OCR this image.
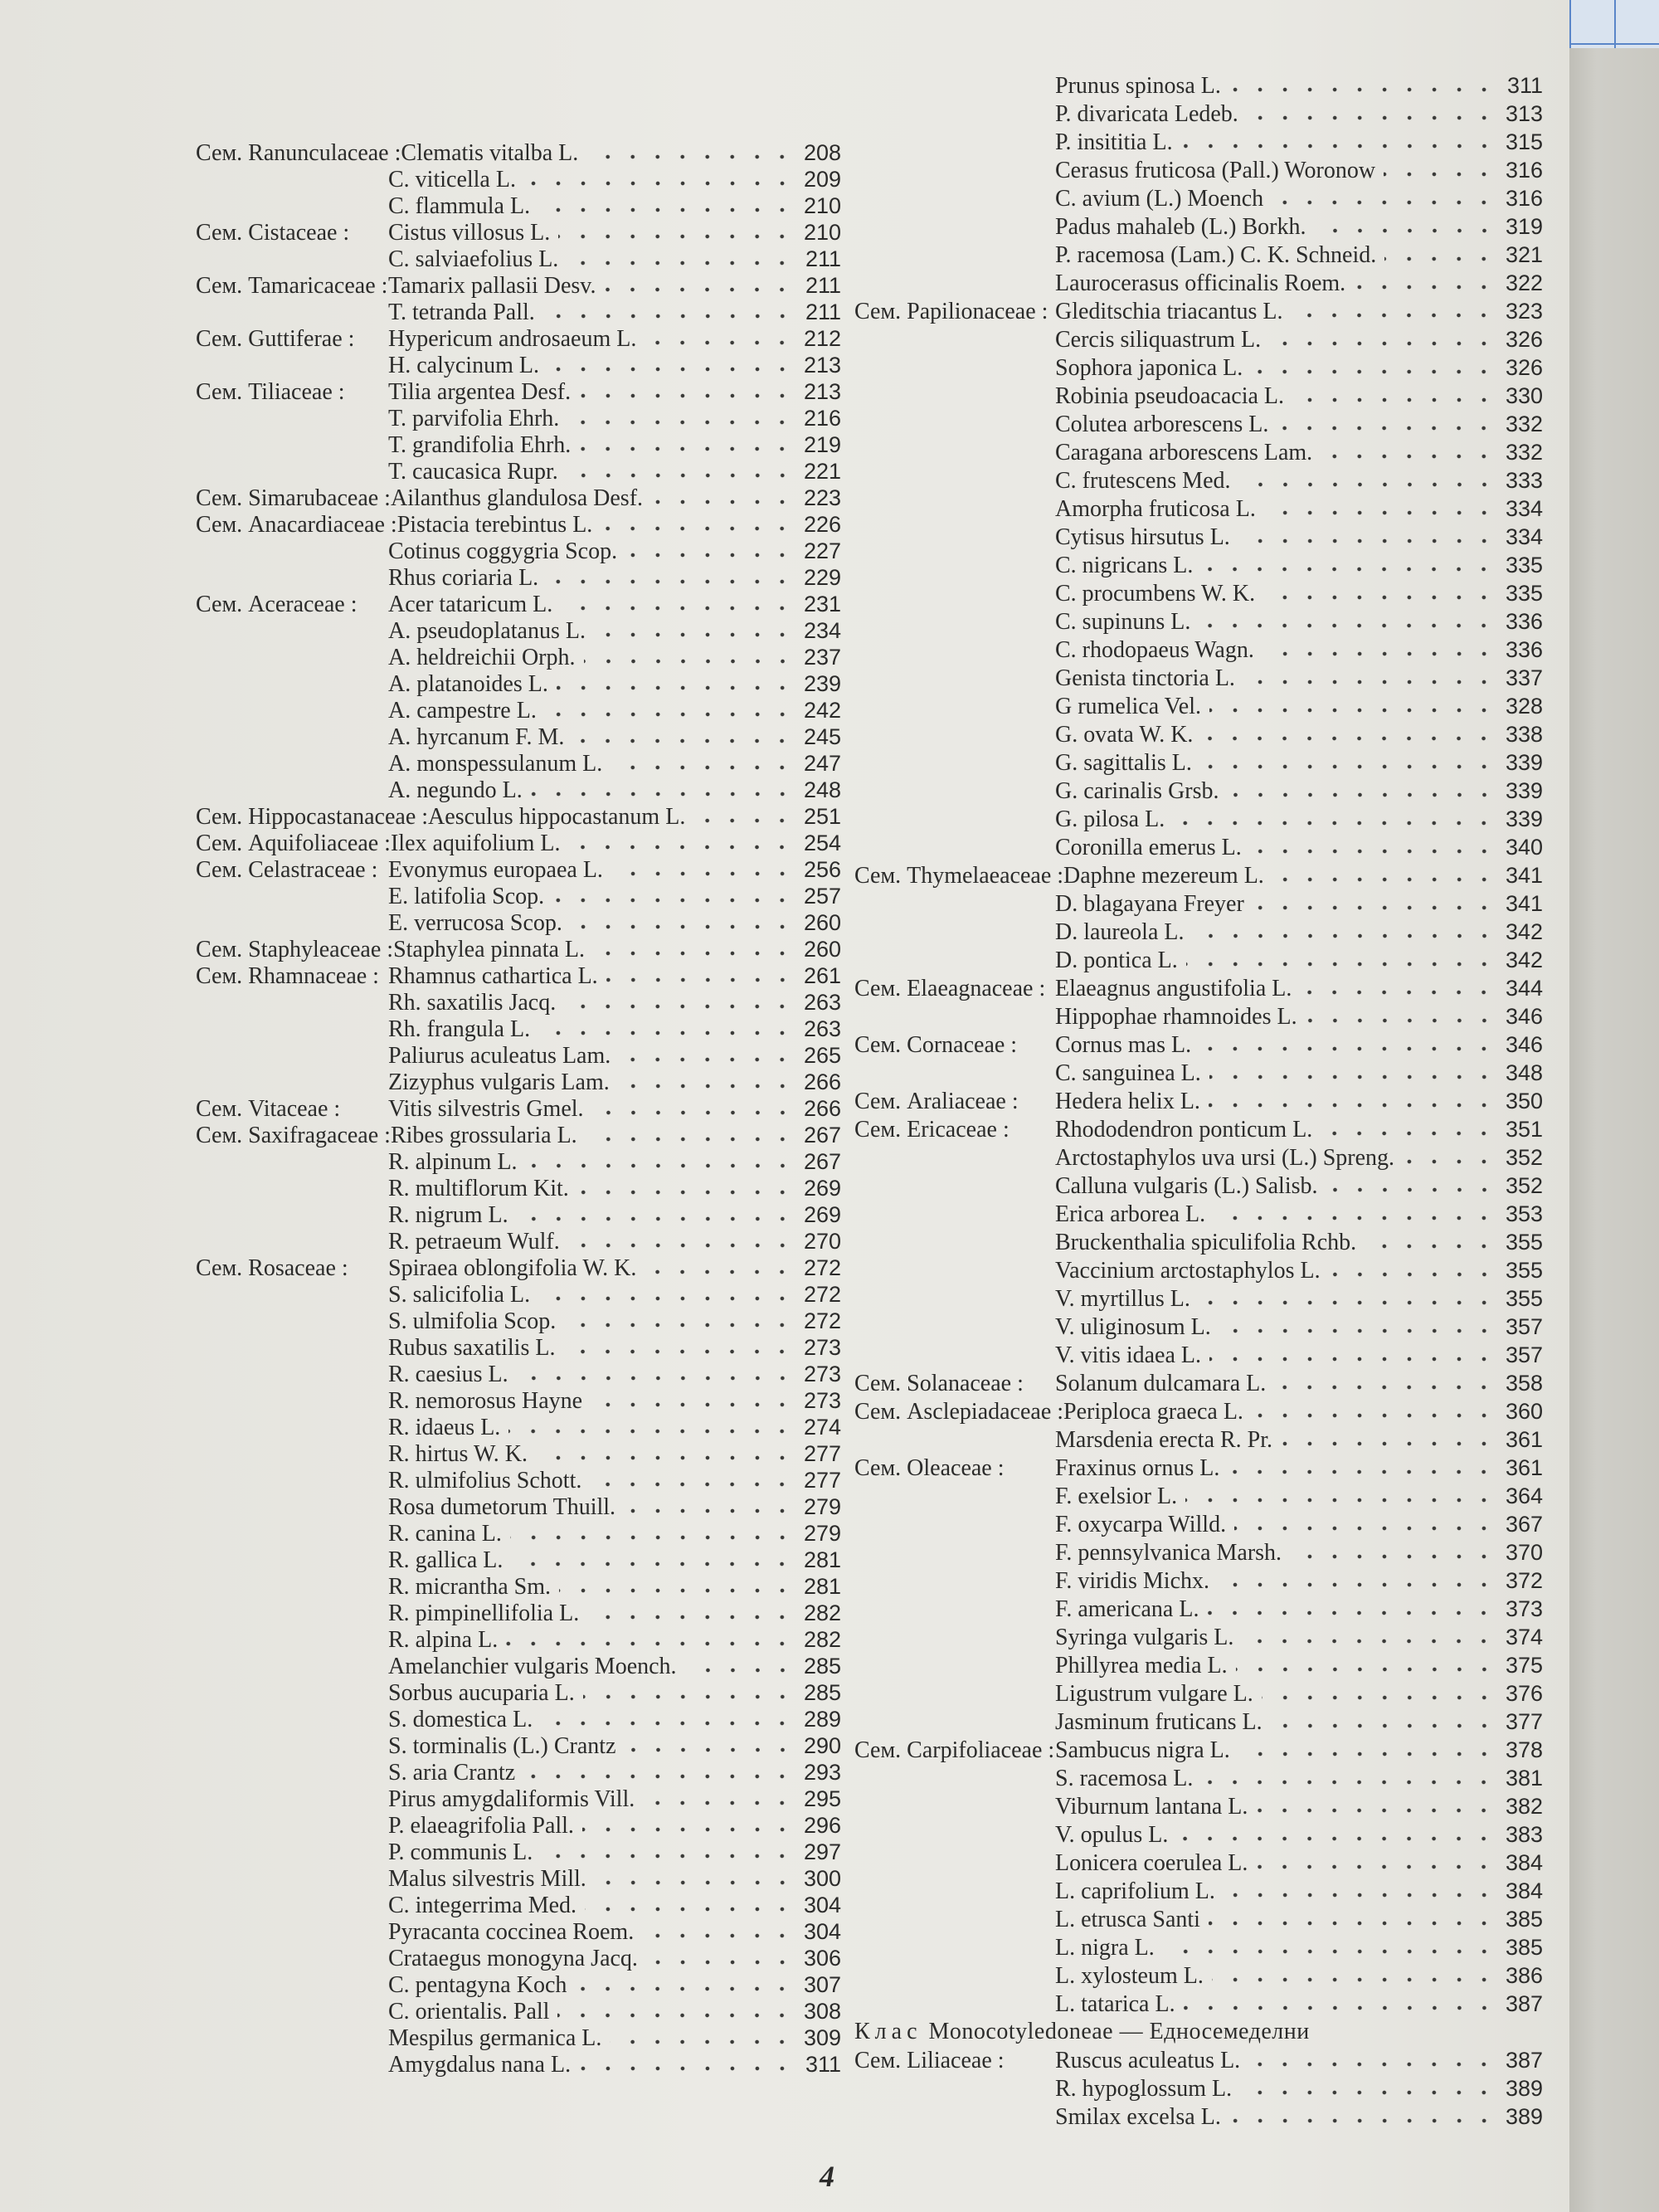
Сем. Ranunculaceae : Clematis vitalba L.	208
C. viticella L.	209
C. flammula L.	210
Сем. Cistaceae :	Cistus villosus L.	210
C. salviaefolius L.	211
Сем. Tamaricaceae : Tamarix pallasii Desv.	211
T. tetranda Pall.	211
Сем. Guttiferae :	Hypericum androsaeum L.	212
H. calycinum L.	213
Сем. Tiliaceae :	Tilia argentea Desf.	213
T. parvifolia Ehrh.	216
T. grandifolia Ehrh.	219
T. caucasica Rupr.	221
Сем. Simarubaceae : Ailanthus glandulosa Desf.	223
Сем. Anacardiaceae : Pistacia terebintus L.	226
Cotinus coggygria Scop.	227
Rhus coriaria L.	229
Сем. Aceraceae :	Acer tataricum L.	231
A. pseudoplatanus L.	234
A. heldreichii Orph.	237
A. platanoides L.	239
A. campestre L.	242
A. hyrcanum F. M.	245
A. monspessulanum L.	247
A. negundo L.	248
Сем. Hippocastanaceae : Aesculus hippocastanum L.	251
Сем. Aquifoliaceae : Ilex aquifolium L.	254
Сем. Celastraceae : Evonymus europaea L.	256
E. latifolia Scop.	257
E. verrucosa Scop.	260
Сем. Staphyleaceae : Staphylea pinnata L.	260
Сем. Rhamnaceae : Rhamnus cathartica L.	261
Rh. saxatilis Jacq.	263
Rh. frangula L.	263
Paliurus aculeatus Lam.	265
Zizyphus vulgaris Lam.	266
Сем. Vitaceae :	Vitis silvestris Gmel.	266
Сем. Saxifragaceae : Ribes grossularia L.	267
R. alpinum L.	267
R. multiflorum Kit.	269
R. nigrum L.	269
R. petraeum Wulf.	270
Сем. Rosaceae :	Spiraea oblongifolia W. K.	272
S. salicifolia L.	272
S. ulmifolia Scop.	272
Rubus saxatilis L.	273
R. caesius L.	273
R. nemorosus Hayne	273
R. idaeus L.	274
R. hirtus W. K.	277
R. ulmifolius Schott.	277
Rosa dumetorum Thuill.	279
R. canina L.	279
R. gallica L.	281
R. micrantha Sm.	281
R. pimpinellifolia L.	282
R. alpina L.	282
Amelanchier vulgaris Moench.	285
Sorbus aucuparia L.	285
S. domestica L.	289
S. torminalis (L.) Crantz	290
S. aria Crantz	293
Pirus amygdaliformis Vill.	295
P. elaeagrifolia Pall.	296
P. communis L.	297
Malus silvestris Mill.	300
C. integerrima Med.	304
Pyracanta coccinea Roem.	304
Crataegus monogyna Jacq.	306
C. pentagyna Koch	307
C. orientalis. Pall	308
Mespilus germanica L.	309
Amygdalus nana L.	311
Prunus spinosa L.	311
P. divaricata Ledeb.	313
P. insititia L.	315
Cerasus fruticosa (Pall.) Woronow	316
C. avium (L.) Moench	316
Padus mahaleb (L.) Borkh.	319
P. racemosa (Lam.) C. K. Schneid.	321
Laurocerasus officinalis Roem.	322
Сем. Papilionaceae : Gleditschia triacantus L.	323
Cercis siliquastrum L.	326
Sophora japonica L.	326
Robinia pseudoacacia L.	330
Colutea arborescens L.	332
Caragana arborescens Lam.	332
C. frutescens Med.	333
Amorpha fruticosa L.	334
Cytisus hirsutus L.	334
C. nigricans L.	335
C. procumbens W. K.	335
C. supinuns L.	336
C. rhodopaeus Wagn.	336
Genista tinctoria L.	337
G rumelica Vel.	328
G. ovata W. K.	338
G. sagittalis L.	339
G. carinalis Grsb.	339
G. pilosa L.	339
Coronilla emerus L.	340
Сем. Thymelaeaceae : Daphne mezereum L.	341
D. blagayana Freyer	341
D. laureola L.	342
D. pontica L.	342
Сем. Elaeagnaceae : Elaeagnus angustifolia L.	344
Hippophae rhamnoides L.	346
Сем. Cornaceae :	Cornus mas L.	346
C. sanguinea L.	348
Сем. Araliaceae :	Hedera helix L.	350
Сем. Ericaceae :	Rhododendron ponticum L.	351
Arctostaphylos uva ursi (L.) Spreng.	352
Calluna vulgaris (L.) Salisb.	352
Erica arborea L.	353
Bruckenthalia spiculifolia Rchb.	355
Vaccinium arctostaphylos L.	355
V. myrtillus L.	355
V. uliginosum L.	357
V. vitis idaea L.	357
Сем. Solanaceae :	Solanum dulcamara L.	358
Сем. Asclepiadaceae : Periploca graeca L.	360
Marsdenia erecta R. Pr.	361
Сем. Oleaceae :	Fraxinus ornus L.	361
F. exelsior L.	364
F. oxycarpa Willd.	367
F. pennsylvanica Marsh.	370
F. viridis Michx.	372
F. americana L.	373
Syringa vulgaris L.	374
Phillyrea media L.	375
Ligustrum vulgare L.	376
Jasminum fruticans L.	377
Сем. Carpifoliaceae : Sambucus nigra L.	378
S. racemosa L.	381
Viburnum lantana L.	382
V. opulus L.	383
Lonicera coerulea L.	384
L. caprifolium L.	384
L. etrusca Santi	385
L. nigra L.	385
L. xylosteum L.	386
L. tatarica L.	387
Клас Monocotyledoneae — Едносемеделни
Сем. Liliaceae :	Ruscus aculeatus L.	387
R. hypoglossum L.	389
Smilax excelsa L.	389
4
